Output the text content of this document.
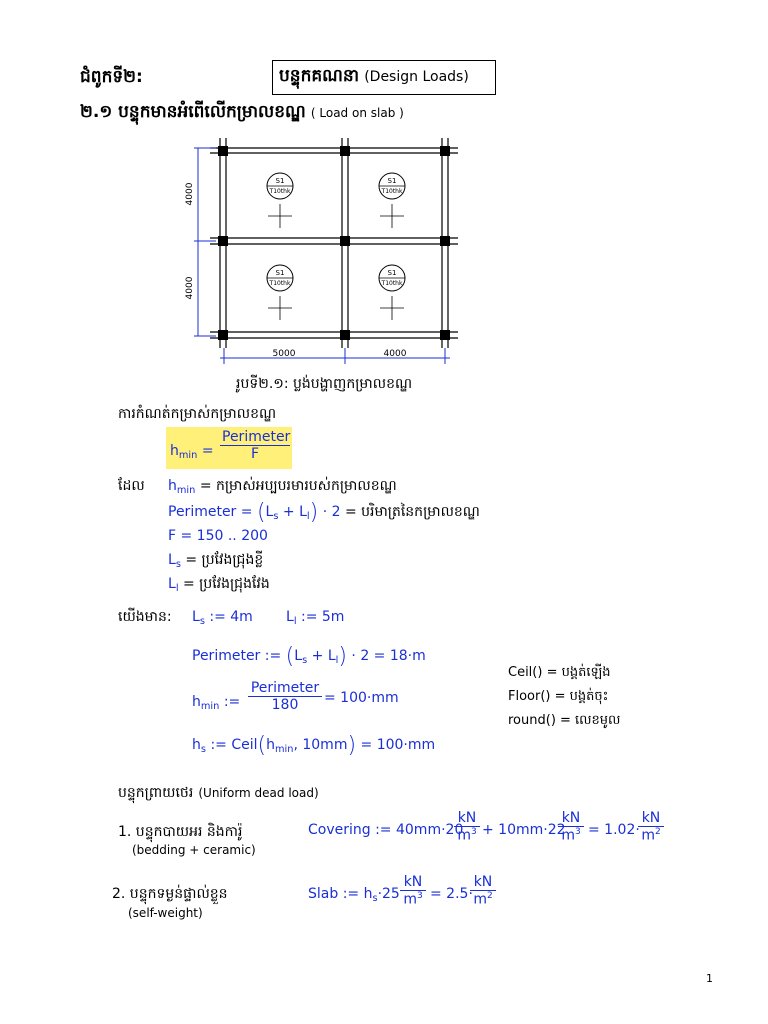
ជំពូកទី២:	បន្ទុកគណនា (Design Loads)
២.១ បន្ទុកមានអំពើលើកម្រាលខណ្ឌ ( Load on slab )
4000
4000
5000	4000
S1
T10thk
S1
T10thk
S1
T10thk
S1
T10thk
រូបទី២.១: ប្លង់បង្ហាញកម្រាលខណ្ឌ
ការកំណត់កម្រាស់កម្រាលខណ្ឌ
$h_{min}$ =
Perimeter
F
ដែល $h_{min}$ = កម្រាស់អប្បបរមារបស់កម្រាលខណ្ឌ
Perimeter = $(L_s + L_l) \cdot 2$ = បរិមាត្រនៃកម្រាលខណ្ឌ
F = 150 .. 200
$L_s$ = ប្រវែងជ្រុងខ្លី
$L_l$ = ប្រវែងជ្រុងវែង
យើងមាន: $L_s$ := 4m $L_l$ := 5m
Perimeter := $(L_s + L_l) \cdot 2 = 18\cdot m$
$h_{min}$ :=
Perimeter
180	= 100·mm
$h_s$ := $Ceil(h_{min}$, 10mm) = 100·mm
Ceil() = បង្គត់ឡើង
Floor() = បង្គត់ចុះ
round() = លេខមូល
បន្ទុកព្រាយថេរ (Uniform dead load)
1. បន្ទុកបាយអរ និងការ៉ូ
(bedding + ceramic)
Covering := 40mm·20
$\frac{kN}{m^3} + 10mm\cdot 22$
$\frac{kN}{m^3} = 1.02\cdot$
$\frac{kN}{m^2}$
2. បន្ទុកទម្ងន់ផ្ទាល់ខ្លួន
(self-weight)
Slab := $h_s\cdot 25 \frac{kN}{m^3} = 2.5\cdot$
$\frac{kN}{m^2}$
1
